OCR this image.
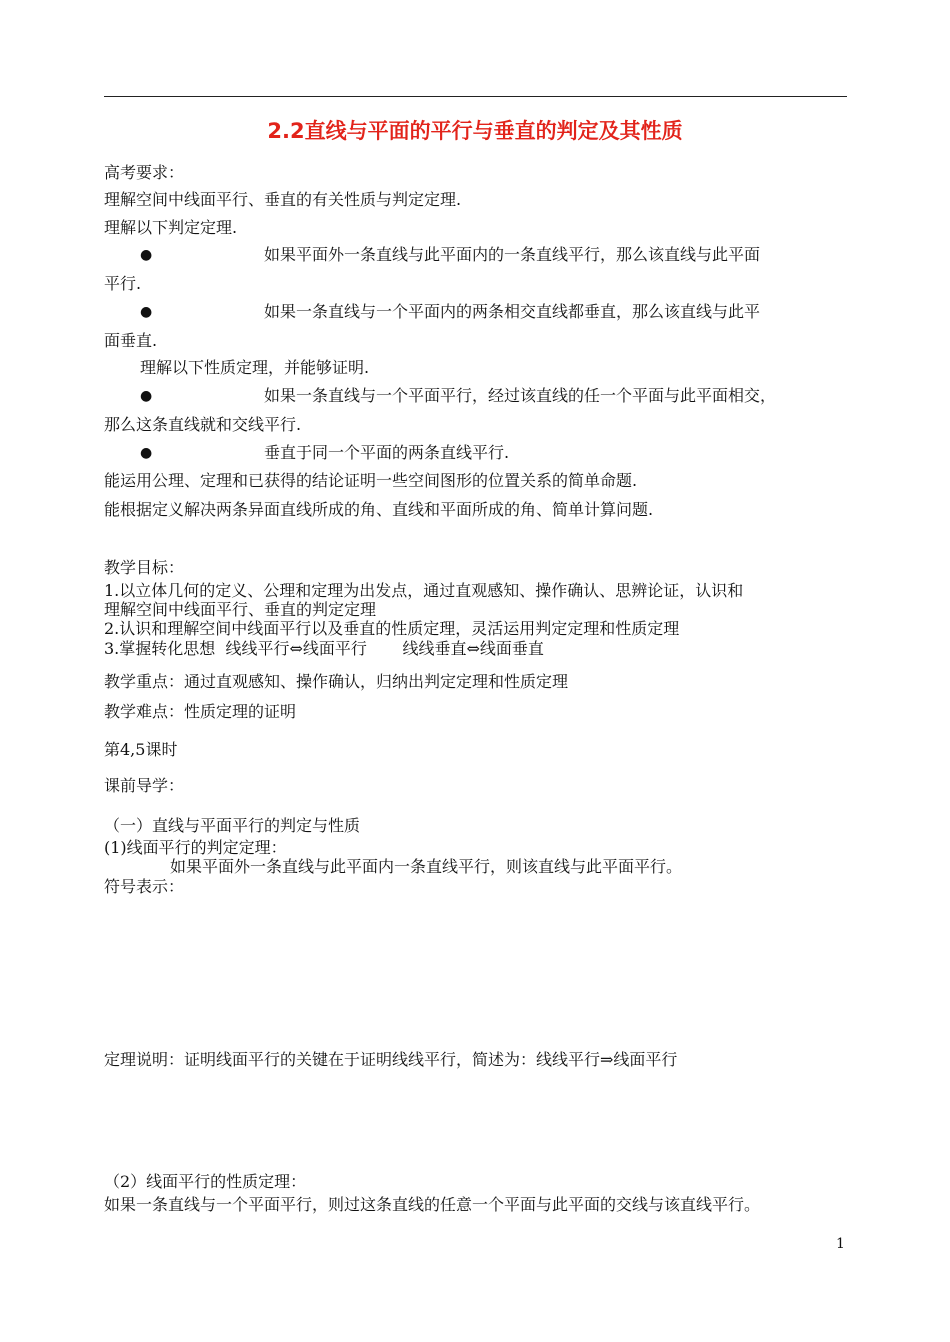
2.2直线与平面的平行与垂直的判定及其性质
高考要求：
理解空间中线面平行、垂直的有关性质与判定定理.
理解以下判定定理.
●	如果平面外一条直线与此平面内的一条直线平行，那么该直线与此平面
平行.
●	如果一条直线与一个平面内的两条相交直线都垂直，那么该直线与此平
面垂直.
理解以下性质定理，并能够证明.
●	如果一条直线与一个平面平行，经过该直线的任一个平面与此平面相交，
那么这条直线就和交线平行.
●	垂直于同一个平面的两条直线平行.
能运用公理、定理和已获得的结论证明一些空间图形的位置关系的简单命题.
能根据定义解决两条异面直线所成的角、直线和平面所成的角、简单计算问题.
教学目标：
1.以立体几何的定义、公理和定理为出发点，通过直观感知、操作确认、思辨论证，认识和
理解空间中线面平行、垂直的判定定理
2.认识和理解空间中线面平行以及垂直的性质定理，灵活运用判定定理和性质定理
3.掌握转化思想  线线平行⇔线面平行       线线垂直⇔线面垂直
教学重点：通过直观感知、操作确认，归纳出判定定理和性质定理
教学难点：性质定理的证明
第4,5课时
课前导学：
（一）直线与平面平行的判定与性质
(1)线面平行的判定定理：
如果平面外一条直线与此平面内一条直线平行，则该直线与此平面平行。
符号表示：
定理说明：证明线面平行的关键在于证明线线平行，简述为：线线平行⇒线面平行
（2）线面平行的性质定理：
如果一条直线与一个平面平行，则过这条直线的任意一个平面与此平面的交线与该直线平行。
1
